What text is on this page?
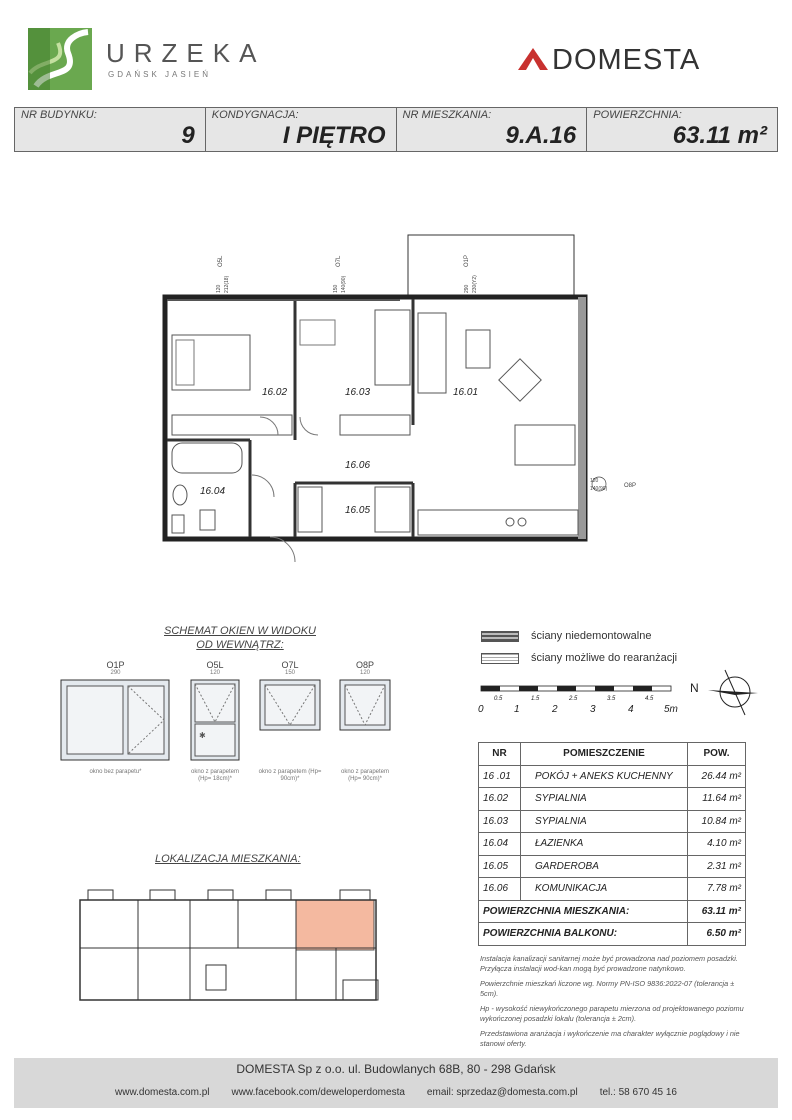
URZEKA
GDAŃSK JASIEŃ	DOMESTA
NR BUDYNKU:
9
KONDYGNACJA:
I PIĘTRO
NR MIESZKANIA:
9.A.16
POWIERZCHNIA:
63.11 m²
16.02	16.03	16.01
16.06
16.04
16.05
O5L	O7L	O1P
O8P
120 212(18)	150 140(90)	290 230(Y2)
120
140(90)
SCHEMAT OKIEN W WIDOKU
OD WEWNĄTRZ:
O1P
290
okno bez parapetu*
O5L
120
✱
okno z parapetem (Hp= 18cm)*
O7L
150
okno z parapetem (Hp= 90cm)*
O8P
120
okno z parapetem (Hp= 90cm)*
ściany niedemontowalne
ściany możliwe do rearanżacji
0	1	2	3	4	5m
0.5	1.5	2.5	3.5	4.5
N
NR	POMIESZCZENIE	POW.
16 .01	POKÓJ + ANEKS KUCHENNY	26.44 m²
16.02	SYPIALNIA	11.64 m²
16.03	SYPIALNIA	10.84 m²
16.04	ŁAZIENKA	4.10 m²
16.05	GARDEROBA	2.31 m²
16.06	KOMUNIKACJA	7.78 m²
POWIERZCHNIA MIESZKANIA:		63.11 m²
POWIERZCHNIA BALKONU:		6.50 m²
LOKALIZACJA MIESZKANIA:

Instalacja kanalizacji sanitarnej może być prowadzona nad poziomem posadzki. Przyłącza instalacji wod-kan mogą być prowadzone natynkowo.

Powierzchnie mieszkań liczone wg. Normy PN-ISO 9836:2022-07 (tolerancja ± 5cm).

Hp - wysokość niewykończonego parapetu mierzona od projektowanego poziomu wykończonej posadzki lokalu (tolerancja ± 2cm).

Przedstawiona aranżacja i wykończenie ma charakter wyłącznie poglądowy i nie stanowi oferty.

DOMESTA Sp z o.o. ul. Budowlanych 68B, 80 - 298 Gdańsk
www.domesta.com.pl www.facebook.com/deweloperdomesta email: sprzedaz@domesta.com.pl tel.: 58 670 45 16
